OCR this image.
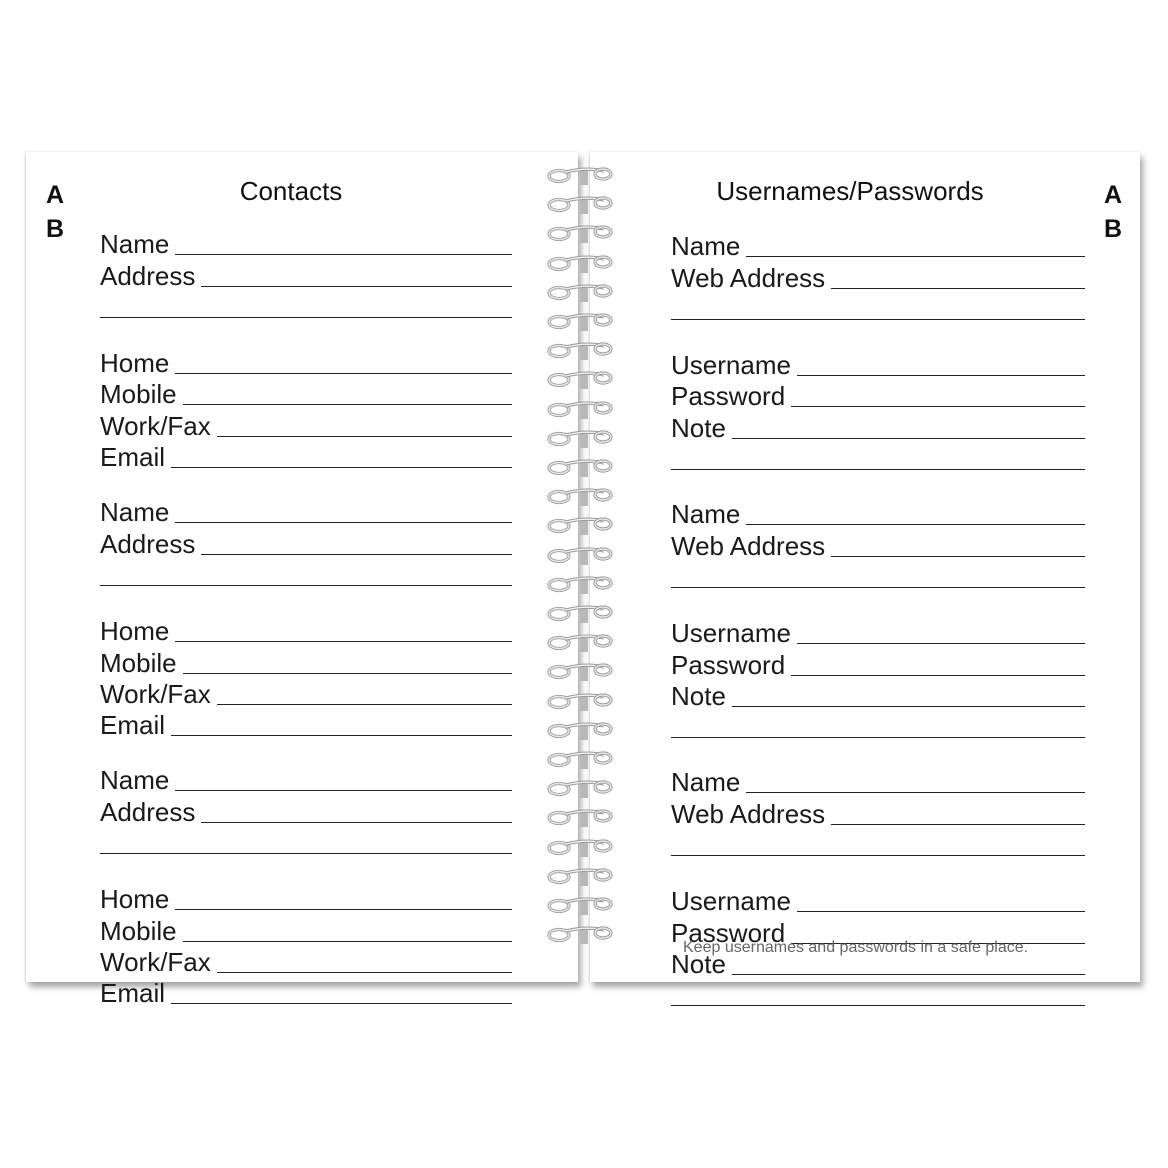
A
B
Contacts
Name
Address
Home
Mobile
Work/Fax
Email
Name
Address
Home
Mobile
Work/Fax
Email
Name
Address
Home
Mobile
Work/Fax
Email
A
B
Usernames/Passwords
Name
Web Address
Username
Password
Note
Name
Web Address
Username
Password
Note
Name
Web Address
Username
Password
Note
Keep usernames and passwords in a safe place.
